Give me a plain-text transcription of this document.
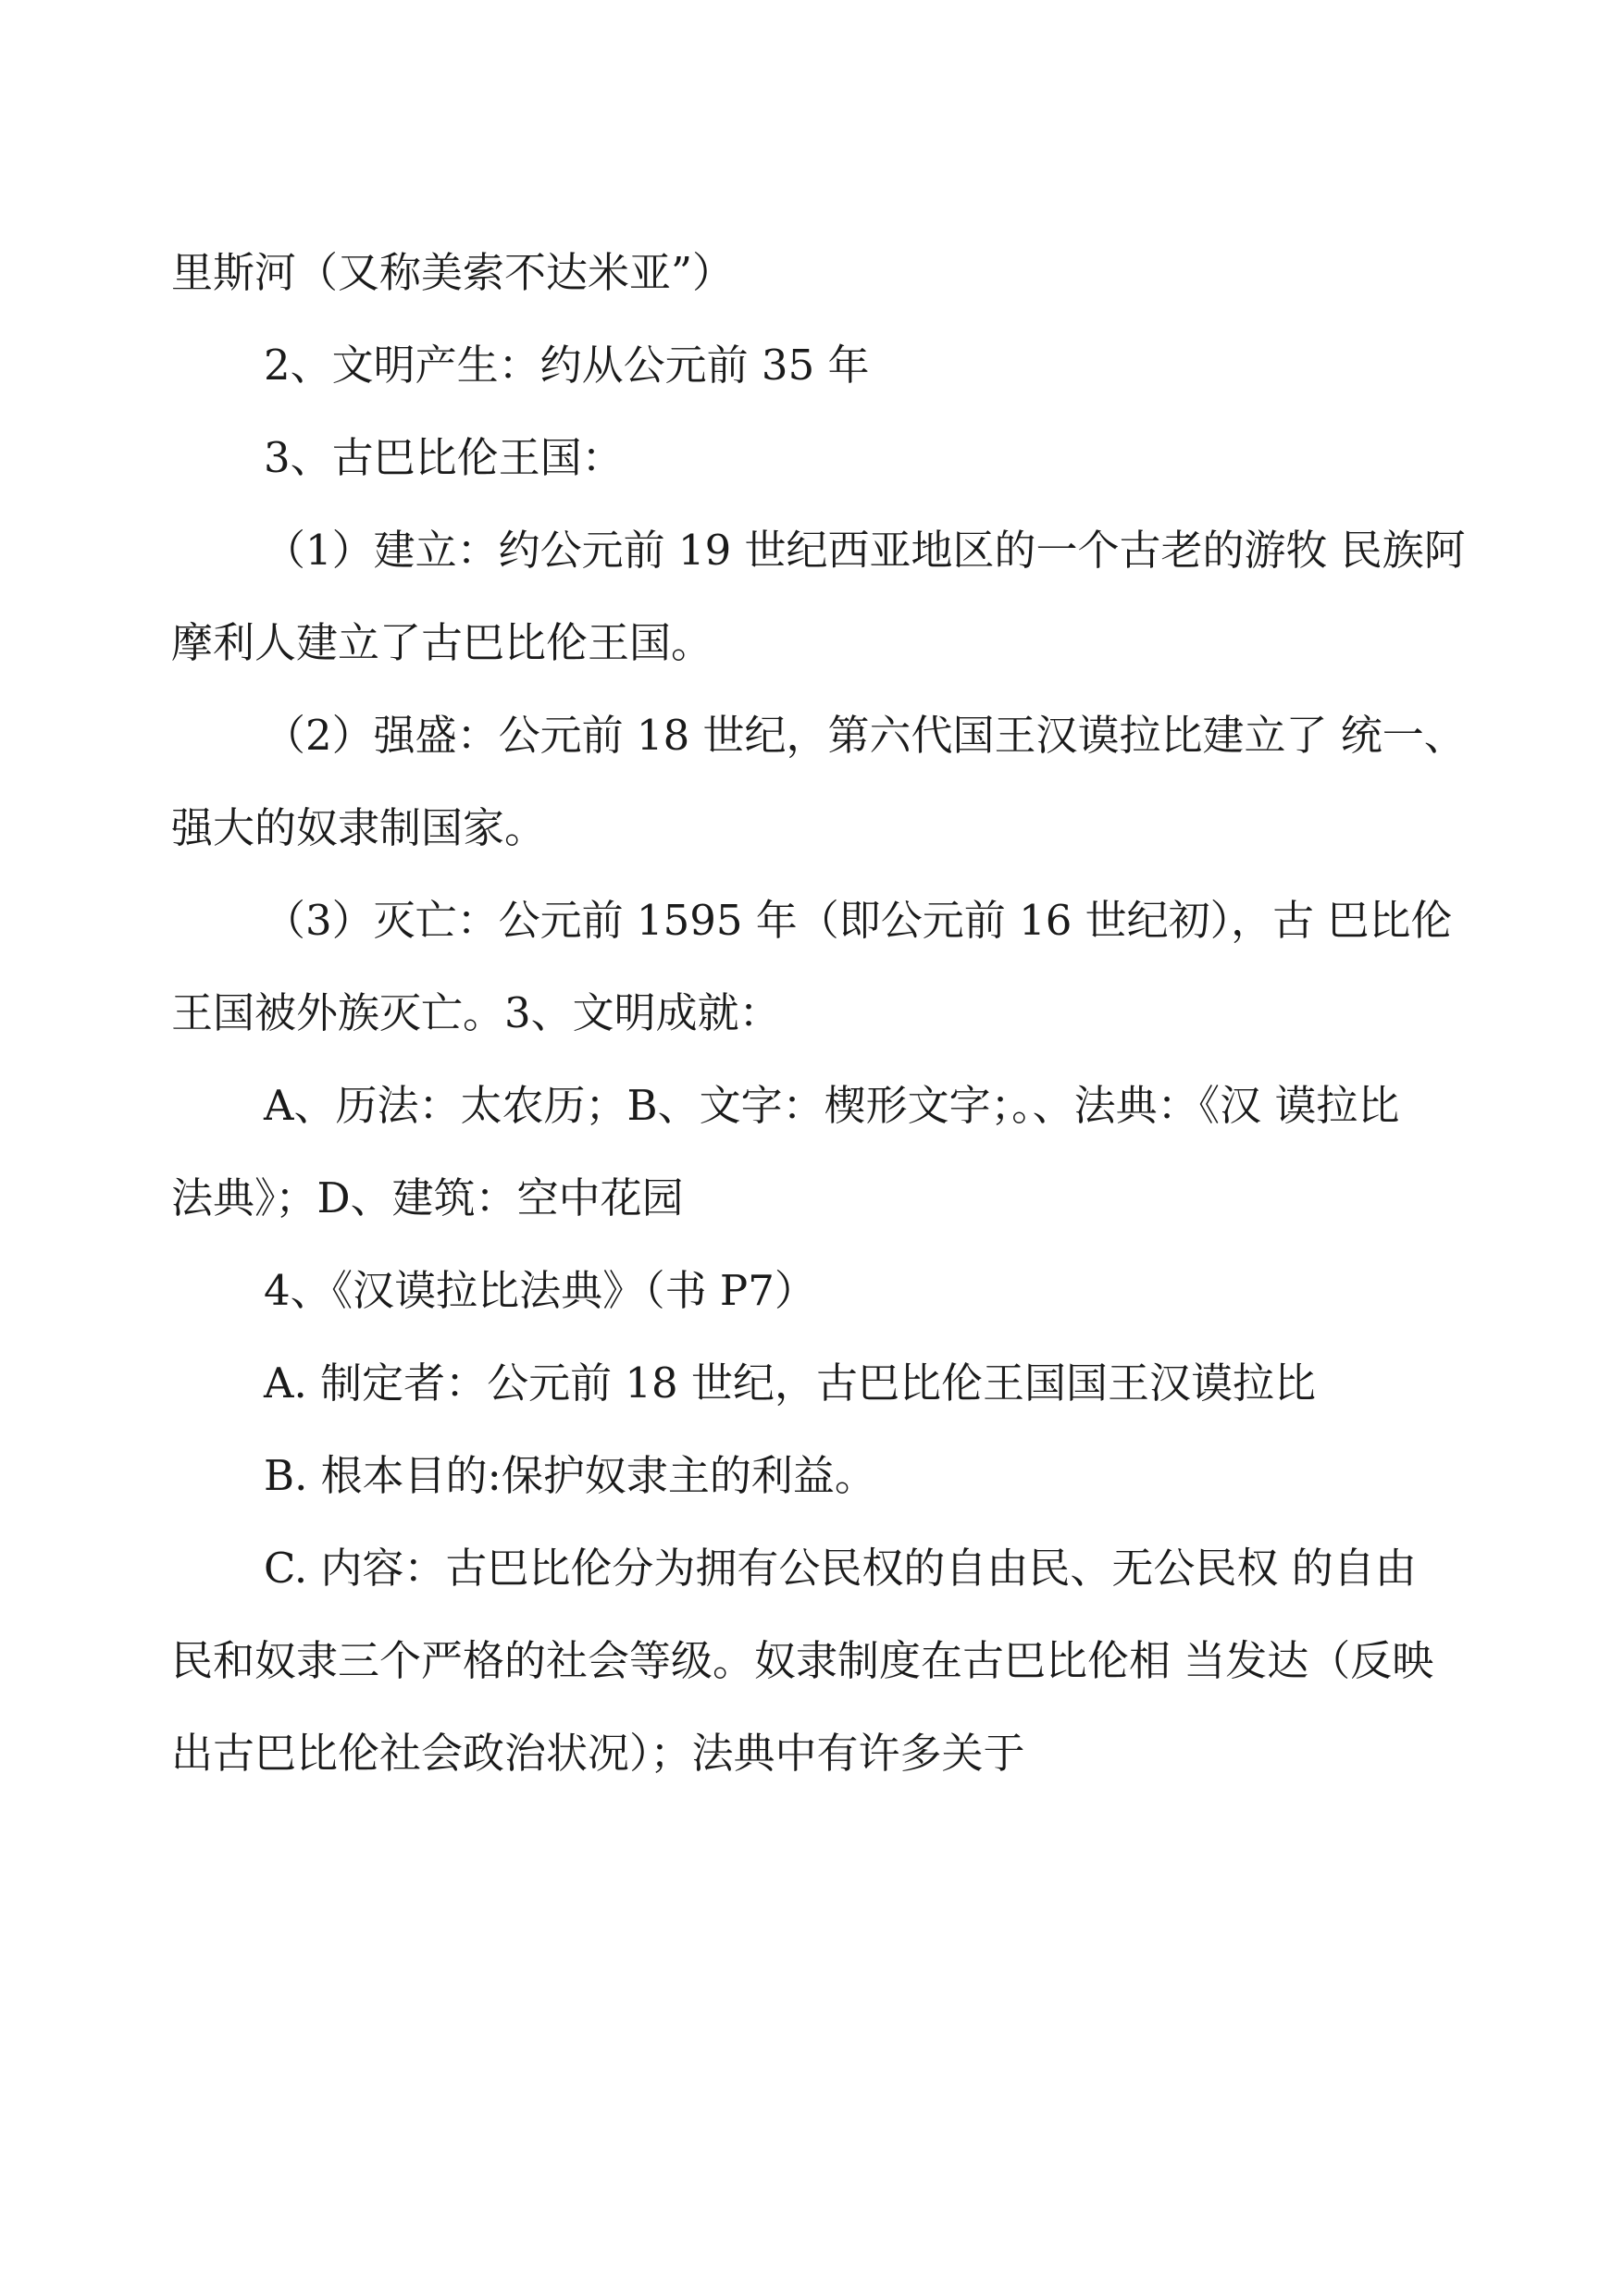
里斯河（又称美索不达米亚”）
2、文明产生：约从公元前 35 年
3、古巴比伦王国：
（1）建立：约公元前 19 世纪西亚地区的一个古老的游牧 民族阿
摩利人建立了古巴比伦王国。
（2）强盛：公元前 18 世纪，第六代国王汉谟拉比建立了 统一、
强大的奴隶制国家。
（3）灭亡：公元前 1595 年（即公元前 16 世纪初），古 巴比伦
王国被外族灭亡。3、文明成就：
A、历法：太农历；B、文字：楔形文字；。、法典：《汉 谟拉比
法典》；D、建筑：空中花园
4、《汉谟拉比法典》（书 P7）
A. 制定者：公元前 18 世纪，古巴比伦王国国王汉谟拉比
B. 根本目的:保护奴隶主的利益。
C. 内容：古巴比伦分为拥有公民权的自由民、无公民权 的自由
民和奴隶三个严格的社会等级。奴隶制度在古巴比伦相 当发达（反映
出古巴比伦社会政治状况）；法典中有许多关于
